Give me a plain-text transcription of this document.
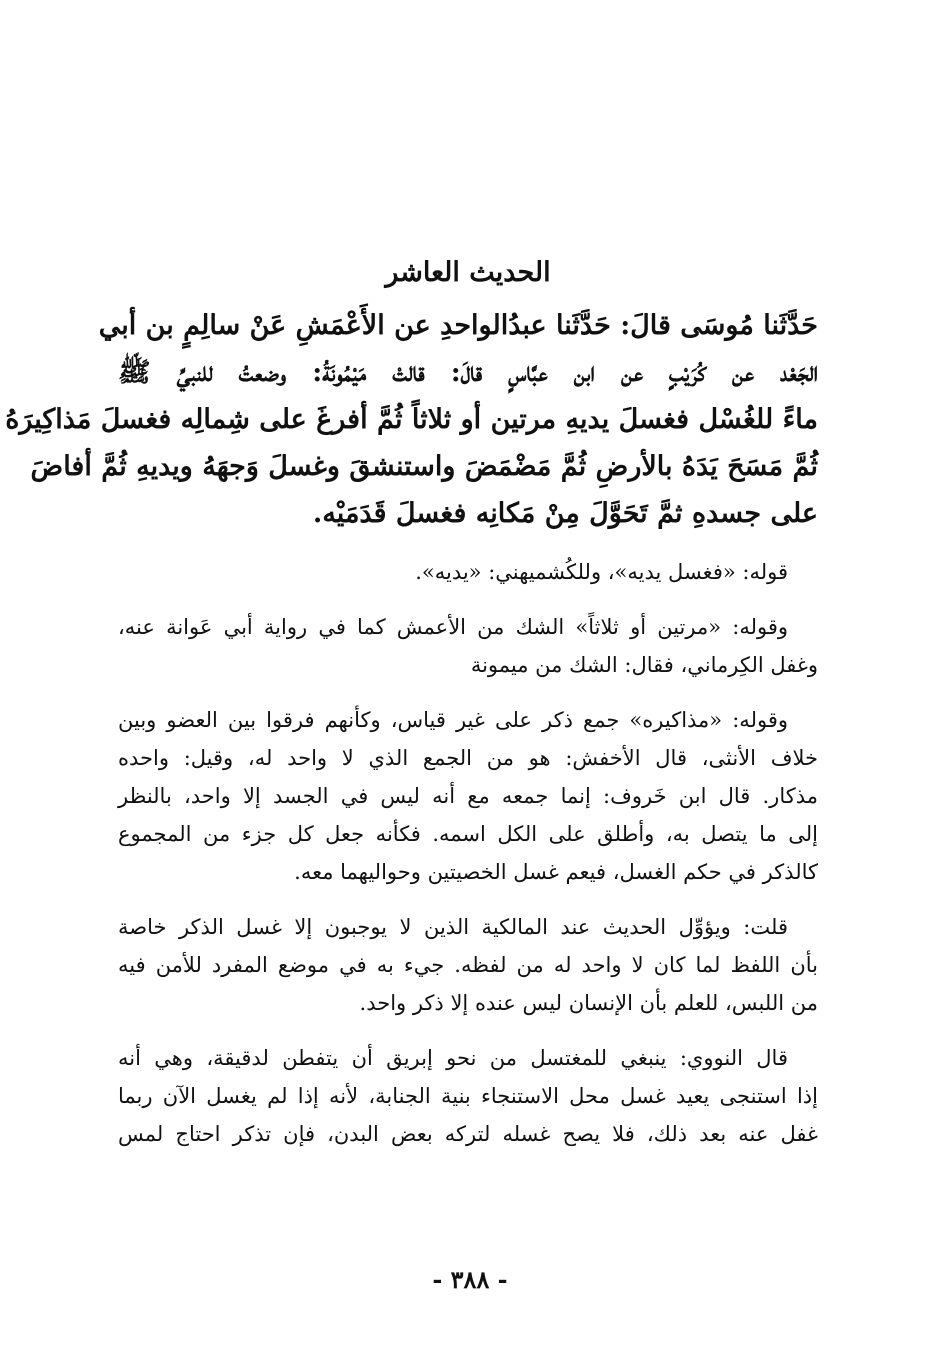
الحديث العاشر
حَدَّثَنا مُوسَى قالَ: حَدَّثَنا عبدُالواحدِ عن الأَعْمَشِ عَنْ سالِمٍ بن أبي
الجَعْد عن كُرَيْبٍ عن ابن عبَّاسٍ قالَ: قالتْ مَيْمُونَةُ: وضعتُ للنبيِّ ﷺ
ماءً للغُسْل فغسلَ يديهِ مرتين أو ثلاثاً ثُمَّ أفرغَ على شِمالِه فغسلَ مَذاكِيرَهُ
ثُمَّ مَسَحَ يَدَهُ بالأرضِ ثُمَّ مَضْمَضَ واستنشقَ وغسلَ وَجهَهُ ويديهِ ثُمَّ أفاضَ
على جسدهِ ثمَّ تَحَوَّلَ مِنْ مَكانِه فغسلَ قَدَمَيْه.
قوله: «فغسل يديه»، وللكُشميهني: «يديه».
وقوله: «مرتين أو ثلاثاً» الشك من الأعمش كما في رواية أبي عَوانة عنه،
وغفل الكِرماني، فقال: الشك من ميمونة
وقوله: «مذاكيره» جمع ذكر على غير قياس، وكأنهم فرقوا بين العضو وبين
خلاف الأنثى، قال الأخفش: هو من الجمع الذي لا واحد له، وقيل: واحده
مذكار. قال ابن خَروف: إنما جمعه مع أنه ليس في الجسد إلا واحد، بالنظر
إلى ما يتصل به، وأطلق على الكل اسمه. فكأنه جعل كل جزء من المجموع
كالذكر في حكم الغسل، فيعم غسل الخصيتين وحواليهما معه.
قلت: ويؤوِّل الحديث عند المالكية الذين لا يوجبون إلا غسل الذكر خاصة
بأن اللفظ لما كان لا واحد له من لفظه. جيء به في موضع المفرد للأمن فيه
من اللبس، للعلم بأن الإنسان ليس عنده إلا ذكر واحد.
قال النووي: ينبغي للمغتسل من نحو إبريق أن يتفطن لدقيقة، وهي أنه
إذا استنجى يعيد غسل محل الاستنجاء بنية الجنابة، لأنه إذا لم يغسل الآن ربما
غفل عنه بعد ذلك، فلا يصح غسله لتركه بعض البدن، فإن تذكر احتاج لمس
- ٣٨٨ -
